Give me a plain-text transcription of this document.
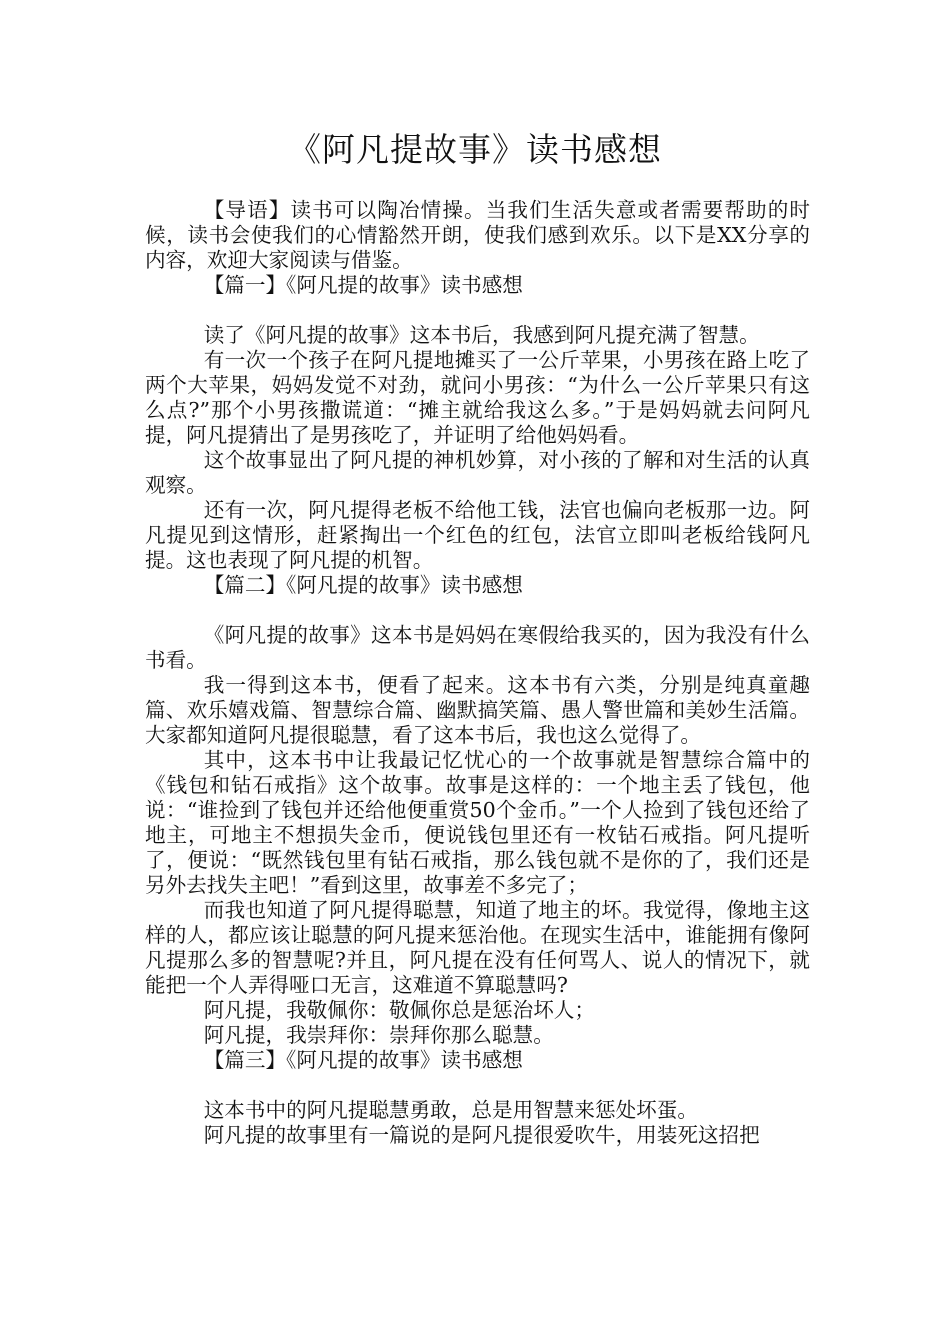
《阿凡提故事》读书感想

【导语】读书可以陶冶情操。当我们生活失意或者需要帮助的时候，读书会使我们的心情豁然开朗，使我们感到欢乐。以下是XX分享的内容，欢迎大家阅读与借鉴。

【篇一】《阿凡提的故事》读书感想

读了《阿凡提的故事》这本书后，我感到阿凡提充满了智慧。

有一次一个孩子在阿凡提地摊买了一公斤苹果，小男孩在路上吃了两个大苹果，妈妈发觉不对劲，就问小男孩：“为什么一公斤苹果只有这么点?”那个小男孩撒谎道：“摊主就给我这么多。”于是妈妈就去问阿凡提，阿凡提猜出了是男孩吃了，并证明了给他妈妈看。

这个故事显出了阿凡提的神机妙算，对小孩的了解和对生活的认真观察。

还有一次，阿凡提得老板不给他工钱，法官也偏向老板那一边。阿凡提见到这情形，赶紧掏出一个红色的红包，法官立即叫老板给钱阿凡提。这也表现了阿凡提的机智。

【篇二】《阿凡提的故事》读书感想

《阿凡提的故事》这本书是妈妈在寒假给我买的，因为我没有什么书看。

我一得到这本书，便看了起来。这本书有六类，分别是纯真童趣篇、欢乐嬉戏篇、智慧综合篇、幽默搞笑篇、愚人警世篇和美妙生活篇。大家都知道阿凡提很聪慧，看了这本书后，我也这么觉得了。

其中，这本书中让我最记忆忧心的一个故事就是智慧综合篇中的《钱包和钻石戒指》这个故事。故事是这样的：一个地主丢了钱包，他说：“谁捡到了钱包并还给他便重赏50个金币。”一个人捡到了钱包还给了地主，可地主不想损失金币，便说钱包里还有一枚钻石戒指。阿凡提听了，便说：“既然钱包里有钻石戒指，那么钱包就不是你的了，我们还是另外去找失主吧！”看到这里，故事差不多完了；

而我也知道了阿凡提得聪慧，知道了地主的坏。我觉得，像地主这样的人，都应该让聪慧的阿凡提来惩治他。在现实生活中，谁能拥有像阿凡提那么多的智慧呢?并且，阿凡提在没有任何骂人、说人的情况下，就能把一个人弄得哑口无言，这难道不算聪慧吗?

阿凡提，我敬佩你：敬佩你总是惩治坏人；

阿凡提，我崇拜你：崇拜你那么聪慧。

【篇三】《阿凡提的故事》读书感想

这本书中的阿凡提聪慧勇敢，总是用智慧来惩处坏蛋。

阿凡提的故事里有一篇说的是阿凡提很爱吹牛，用装死这招把
